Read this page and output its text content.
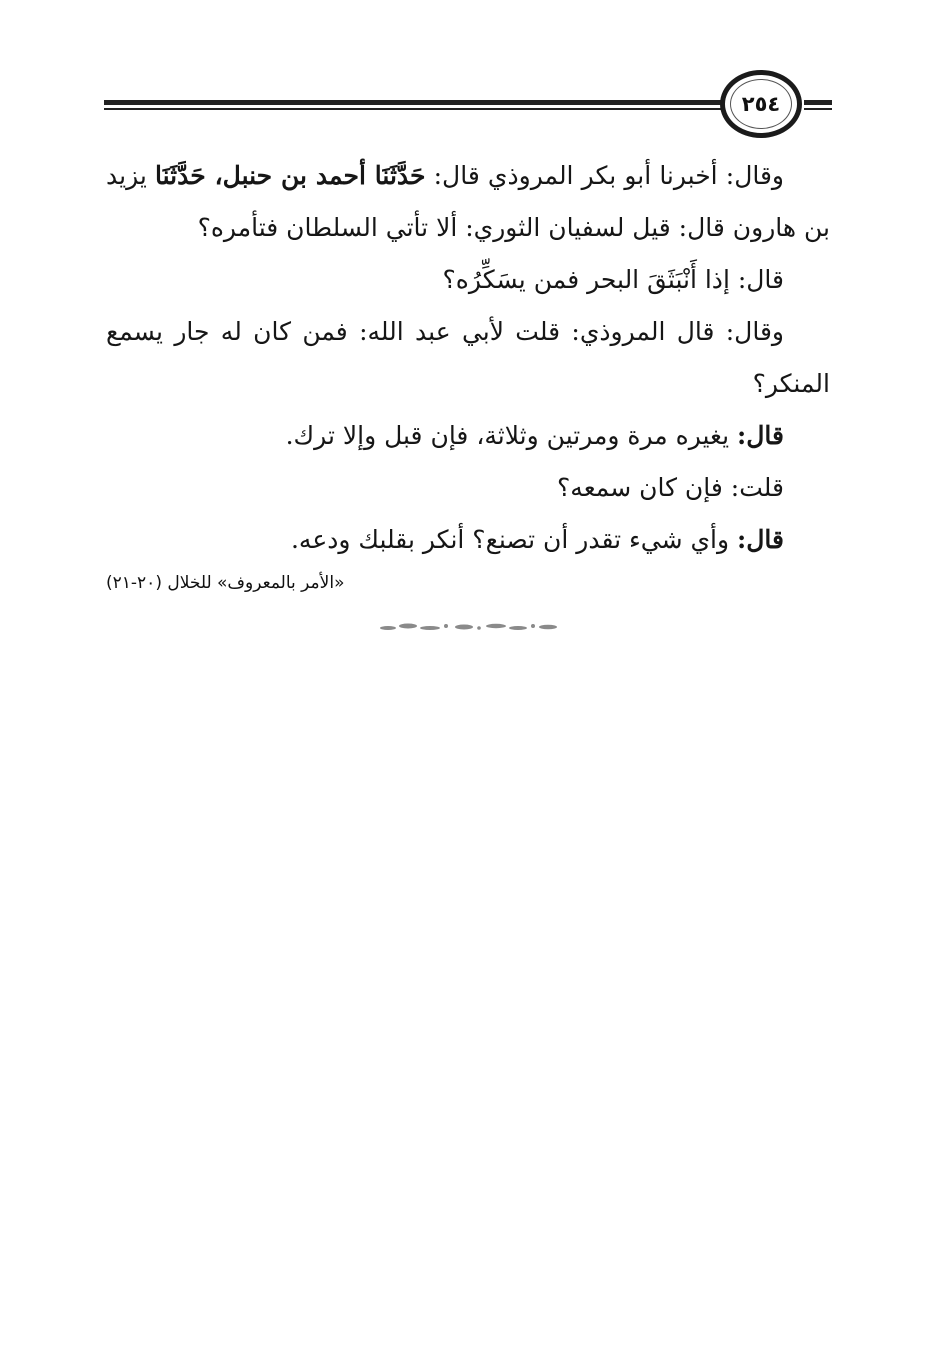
٢٥٤

وقال: أخبرنا أبو بكر المروذي قال: حَدَّثَنَا أحمد بن حنبل، حَدَّثَنَا يزيد بن هارون قال: قيل لسفيان الثوري: ألا تأتي السلطان فتأمره؟

قال: إذا أَنْبَثَقَ البحر فمن يسَكِّرُه؟

وقال: قال المروذي: قلت لأبي عبد الله: فمن كان له جار يسمع المنكر؟

قال: يغيره مرة ومرتين وثلاثة، فإن قبل وإلا ترك.

قلت: فإن كان سمعه؟

قال: وأي شيء تقدر أن تصنع؟ أنكر بقلبك ودعه.

«الأمر بالمعروف» للخلال (٢٠-٢١)
